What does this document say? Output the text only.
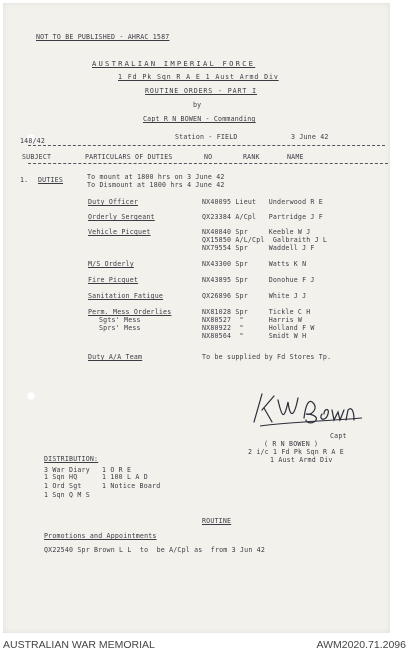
NOT TO BE PUBLISHED - AHRAC 1587
AUSTRALIAN IMPERIAL FORCE
1 Fd Pk Sqn R A E 1 Aust Armd Div
ROUTINE ORDERS - PART I
by
Capt R N BOWEN - Commanding
148/42	Station - FIELD	3 June 42
SUBJECT	PARTICULARS OF DUTIES	NO	RANK	NAME
1. DUTIES	To mount at 1800 hrs on 3 June 42
To Dismount at 1800 hrs 4 June 42
Duty Officer	NX40095 Lieut   Underwood R E
Orderly Sergeant	QX23384 A/Cpl   Partridge J F
Vehicle Picquet	NX40840 Spr     Keeble W J
QX15850 A/L/Cpl  Galbraith J L
NX79554 Spr     Waddell J F
M/S Orderly	NX43300 Spr     Watts K N
Fire Picquet	NX43895 Spr     Donohue F J
Sanitation Fatigue	QX26896 Spr     White J J
Perm. Mess Orderlies	NX81028 Spr     Tickle C H
Sgts' Mess	NX80527  "      Harris W
Sprs' Mess	NX80922  "      Holland F W
NX80564  "      Smidt W H
Duty A/A Team	To be supplied by Fd Stores Tp.
Capt
( R N BOWEN )
2 i/c 1 Fd Pk Sqn R A E
1 Aust Armd Div
DISTRIBUTION:
3 War Diary
1 Sqn HQ
1 Ord Sgt
1 Sqn Q M S
1 O R E
1 100 L A D
1 Notice Board
ROUTINE
Promotions and Appointments
QX22540 Spr Brown L L  to  be A/Cpl as  from 3 Jun 42
AUSTRALIAN WAR MEMORIAL	AWM2020.71.2096
